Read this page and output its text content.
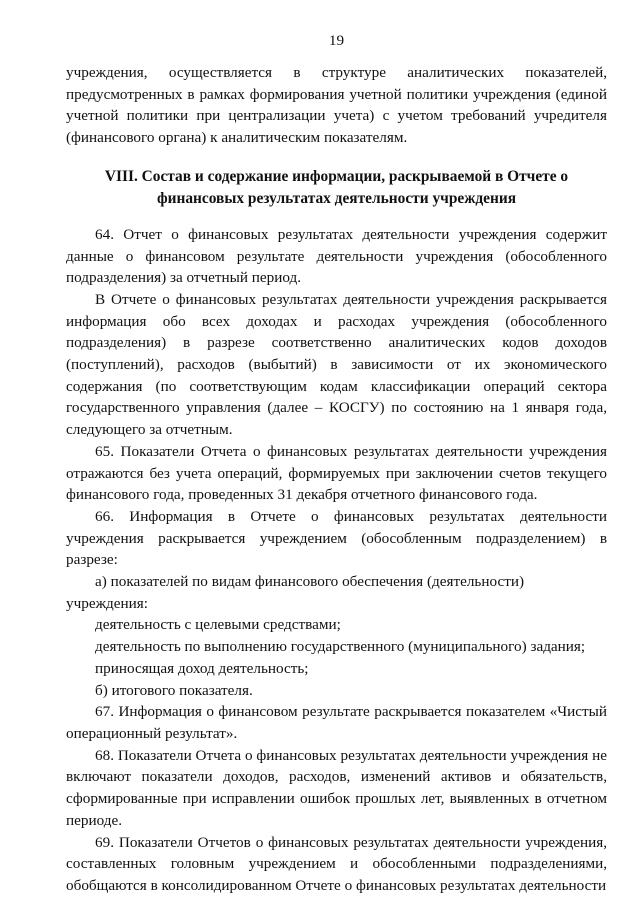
19

учреждения, осуществляется в структуре аналитических показателей, предусмотренных в рамках формирования учетной политики учреждения (единой учетной политики при централизации учета) с учетом требований учредителя (финансового органа) к аналитическим показателям.

VIII. Состав и содержание информации, раскрываемой в Отчете о финансовых результатах деятельности учреждения

64. Отчет о финансовых результатах деятельности учреждения содержит данные о финансовом результате деятельности учреждения (обособленного подразделения) за отчетный период.

В Отчете о финансовых результатах деятельности учреждения раскрывается информация обо всех доходах и расходах учреждения (обособленного подразделения) в разрезе соответственно аналитических кодов доходов (поступлений), расходов (выбытий) в зависимости от их экономического содержания (по соответствующим кодам классификации операций сектора государственного управления (далее – КОСГУ) по состоянию на 1 января года, следующего за отчетным.

65. Показатели Отчета о финансовых результатах деятельности учреждения отражаются без учета операций, формируемых при заключении счетов текущего финансового года, проведенных 31 декабря отчетного финансового года.

66. Информация в Отчете о финансовых результатах деятельности учреждения раскрывается учреждением (обособленным подразделением) в разрезе:

а) показателей по видам финансового обеспечения (деятельности) учреждения:

деятельность с целевыми средствами;

деятельность по выполнению государственного (муниципального) задания;

приносящая доход деятельность;

б) итогового показателя.

67. Информация о финансовом результате раскрывается показателем «Чистый операционный результат».

68. Показатели Отчета о финансовых результатах деятельности учреждения не включают показатели доходов, расходов, изменений активов и обязательств, сформированные при исправлении ошибок прошлых лет, выявленных в отчетном периоде.

69. Показатели Отчетов о финансовых результатах деятельности учреждения, составленных головным учреждением и обособленными подразделениями, обобщаются в консолидированном Отчете о финансовых результатах деятельности
